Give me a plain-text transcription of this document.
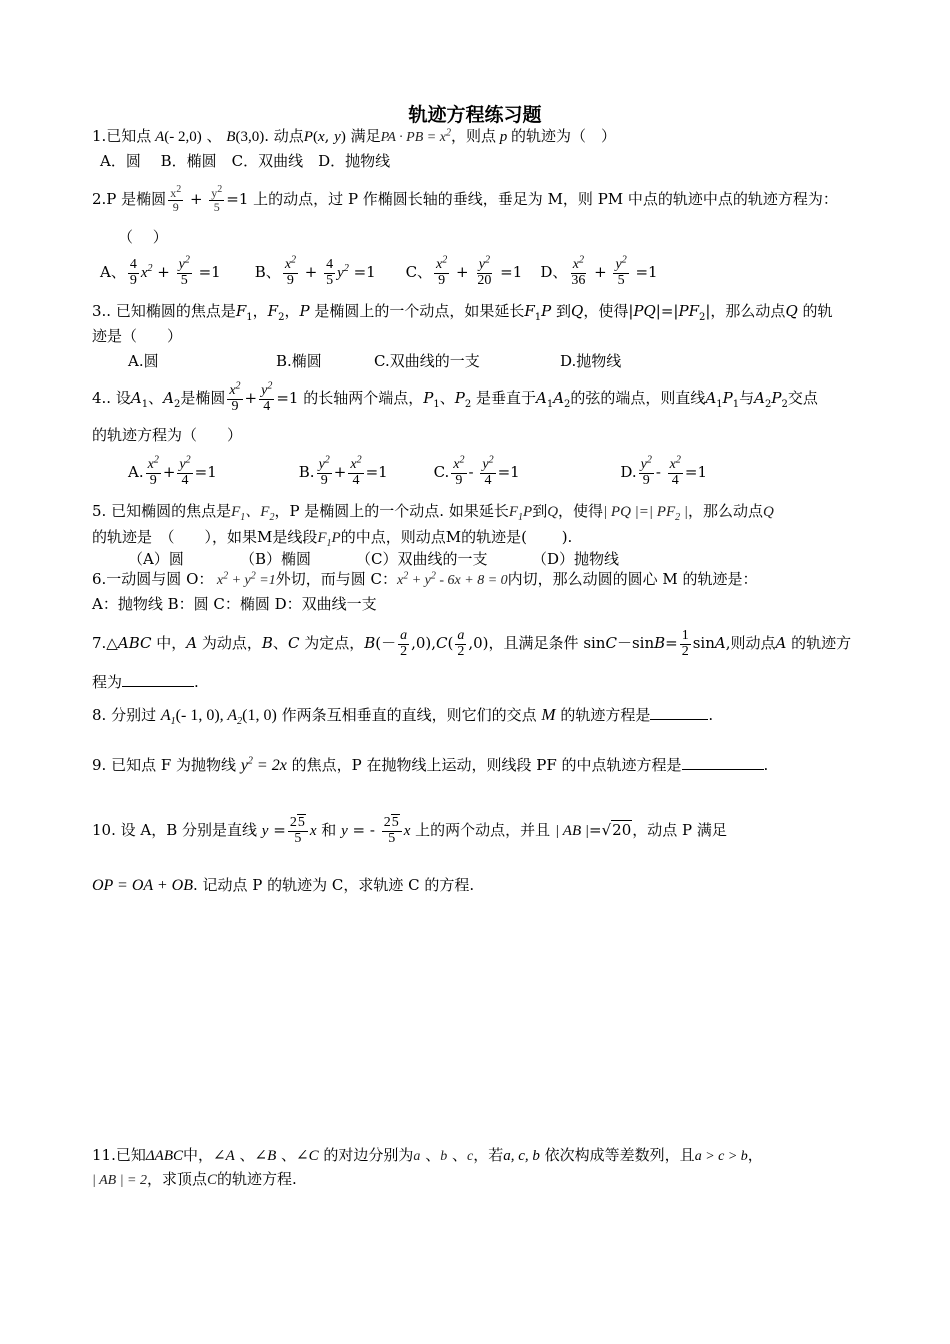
轨迹方程练习题
1.已知点 A(- 2,0) 、 B(3,0). 动点P(x, y) 满足PA · PB = $x^2$，则点 p 的轨迹为（　）
A．圆　 B．椭圆　C．双曲线　D．抛物线
2.P 是椭圆 $\frac{x^2}{9} + \frac{y^2}{5} =1$ 上的动点，过 P 作椭圆长轴的垂线，垂足为 M，则 PM 中点的轨迹中点的轨迹方程为：
（　 ）
A、 $\frac{4}{9} x^2 + \frac{y^2}{5} =1$ B、 $\frac{x^2}{9} + \frac{4}{5} y^2 =1$ C、 $\frac{x^2}{9} + \frac{y^2}{20} =1$ D、 $\frac{x^2}{36} + \frac{y^2}{5} =1$
3.. 已知椭圆的焦点是$F_1$，$F_2$，P 是椭圆上的一个动点，如果延长$F_1P$ 到Q，使得$|PQ|=|PF_2|$，那么动点Q 的轨
迹是（　　）
A.圆	B.椭圆	C.双曲线的一支	D.抛物线
4.. 设$A_1$、$A_2$是椭圆 $\frac{x^2}{9} + \frac{y^2}{4} =1$ 的长轴两个端点，$P_1$、$P_2$ 是垂直于$A_1A_2$的弦的端点，则直线$A_1P_1$与$A_2P_2$交点
的轨迹方程为（　　）
A. $\frac{x^2}{9} + \frac{y^2}{4} =1$	B. $\frac{y^2}{9} + \frac{x^2}{4} =1$	C. $\frac{x^2}{9} - \frac{y^2}{4} =1$	D. $\frac{y^2}{9} - \frac{x^2}{4} =1$
5. 已知椭圆的焦点是$F_1$、$F_2$，P 是椭圆上的一个动点. 如果延长$F_1P$到Q，使得| PQ |=| $PF_2$ |，那么动点Q
的轨迹是　（　　），如果M是线段$F_1P$的中点，则动点M的轨迹是(　　 ).
（A）圆	（B）椭圆	（C）双曲线的一支	（D）抛物线
6.一动圆与圆 O： $x^2 + y^2 =1$外切，而与圆 C：$x^2 + y^2 - 6x + 8 = 0$内切，那么动圆的圆心 M 的轨迹是：
A：抛物线 B：圆 C：椭圆 D：双曲线一支
7.△ABC 中，A 为动点，B、C 为定点，$B(- \frac{a}{2} ,0),C( \frac{a}{2} ,0)$，且满足条件 $\sin C-\sin B= \frac{1}{2} \sin A$,则动点A 的轨迹方
程为	.
8. 分别过 $A_1(-$ 1, 0), $A_2(1$, 0) 作两条互相垂直的直线，则它们的交点 M 的轨迹方程是	.
9. 已知点 F 为抛物线 $y^2 = 2x$ 的焦点，P 在抛物线上运动，则线段 PF 的中点轨迹方程是	.
10. 设 A，B 分别是直线 $y = \frac{25}{5}$ x 和 y = - $\frac{25}{5}$ x 上的两个动点，并且 | AB |=√20，动点 P 满足
OP = OA + OB. 记动点 P 的轨迹为 C，求轨迹 C 的方程.
11.已知ΔABC中，∠A 、∠B 、∠C 的对边分别为a 、b 、c，若a, c, b 依次构成等差数列，且a > c > b，
| AB | = 2，求顶点C的轨迹方程.
